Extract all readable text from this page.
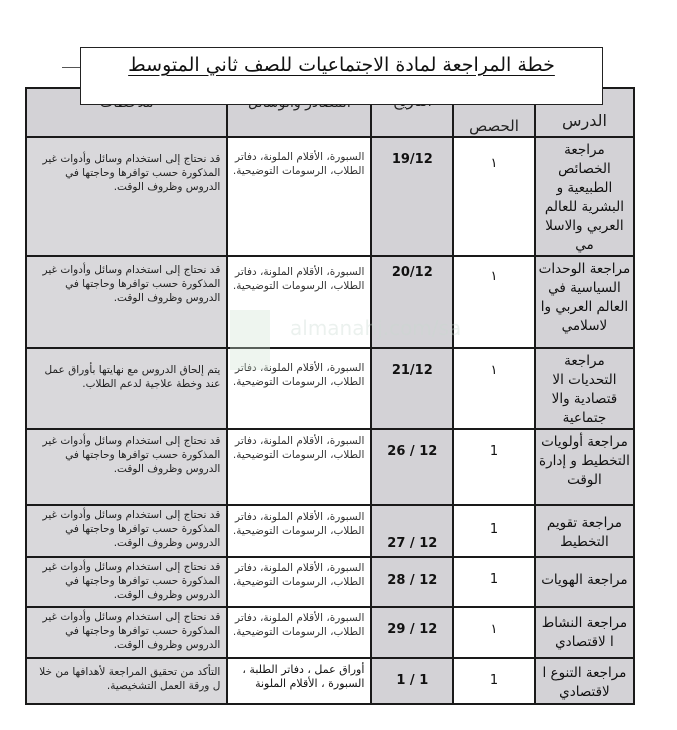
خطة المراجعة لمادة الاجتماعيات للصف ثاني المتوسط
almanahj.com/sa
الدرس	الحصص

مراجعة الخصائص الطبيعية و البشرية للعالم العربي والاسلا مي	١	19/12	السبورة، الأقلام الملونة، دفاتر الطلاب، الرسومات التوضيحية.	قد نحتاج إلى استخدام وسائل وأدوات غير المذكورة حسب توافرها وحاجتها في الدروس وظروف الوقت.

مراجعة الوحدات السياسية في العالم العربي وا لاسلامي	١	20/12	السبورة، الأقلام الملونة، دفاتر الطلاب، الرسومات التوضيحية.	قد نحتاج إلى استخدام وسائل وأدوات غير المذكورة حسب توافرها وحاجتها في الدروس وظروف الوقت.

مراجعة التحديات الا قتصادية والا جتماعية	١	21/12	السبورة، الأقلام الملونة، دفاتر الطلاب، الرسومات التوضيحية.	يتم إلحاق الدروس مع نهايتها بأوراق عمل عند وخطة علاجية لدعم الطلاب.

مراجعة أولويات التخطيط و إدارة الوقت	1	26 / 12	السبورة، الأقلام الملونة، دفاتر الطلاب، الرسومات التوضيحية.	قد نحتاج إلى استخدام وسائل وأدوات غير المذكورة حسب توافرها وحاجتها في الدروس وظروف الوقت.

مراجعة تقويم التخطيط	1	27 / 12	السبورة، الأقلام الملونة، دفاتر الطلاب، الرسومات التوضيحية.	قد نحتاج إلى استخدام وسائل وأدوات غير المذكورة حسب توافرها وحاجتها في الدروس وظروف الوقت.

مراجعة الهويات	1	28 / 12	السبورة، الأقلام الملونة، دفاتر الطلاب، الرسومات التوضيحية.	قد نحتاج إلى استخدام وسائل وأدوات غير المذكورة حسب توافرها وحاجتها في الدروس وظروف الوقت.

مراجعة النشاط ا لاقتصادي	١	29 / 12	السبورة، الأقلام الملونة، دفاتر الطلاب، الرسومات التوضيحية.	قد نحتاج إلى استخدام وسائل وأدوات غير المذكورة حسب توافرها وحاجتها في الدروس وظروف الوقت.

مراجعة التنوع ا لاقتصادي	1	1 / 1	أوراق عمل ، دفاتر الطلبة ، السبورة ، الأقلام الملونة	التأكد من تحقيق المراجعة لأهدافها من خلا ل ورقة العمل التشخيصية.
